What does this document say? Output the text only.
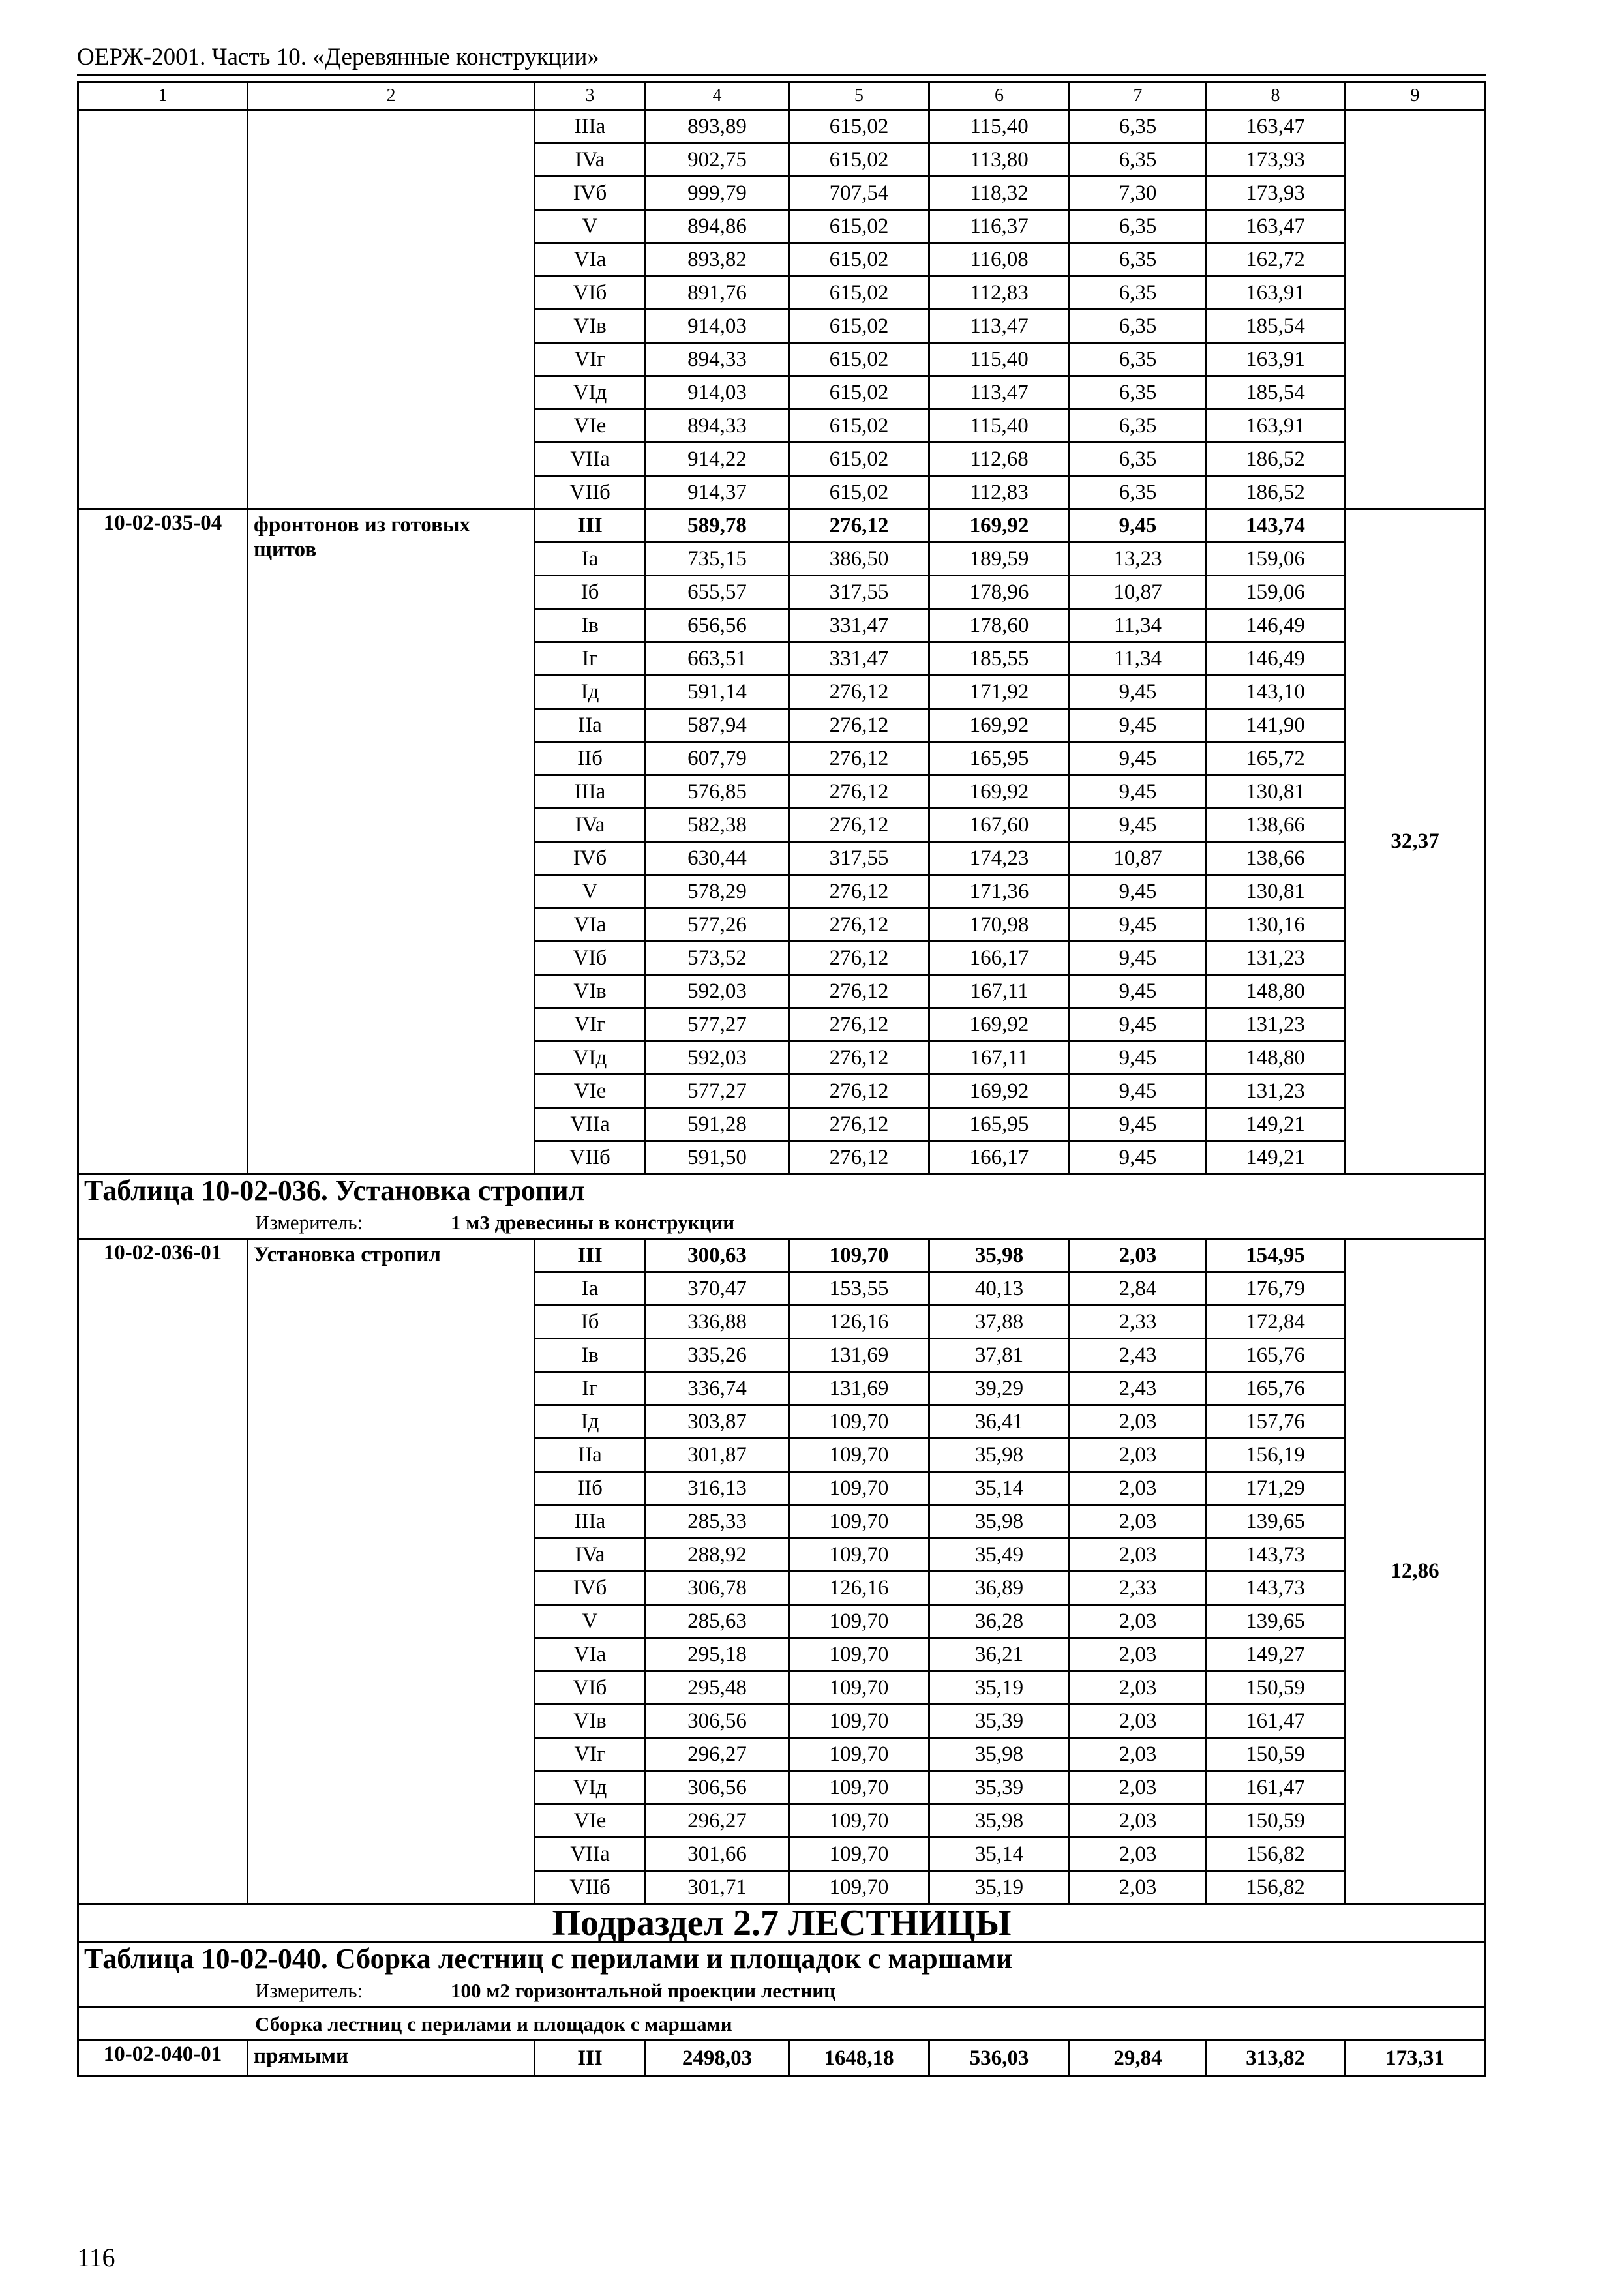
ОЕРЖ-2001. Часть 10. «Деревянные конструкции»
1	2	3	4	5	6	7	8	9
		IIIa	893,89	615,02	115,40	6,35	163,47	
		IVa	902,75	615,02	113,80	6,35	173,93	
		IVб	999,79	707,54	118,32	7,30	173,93	
		V	894,86	615,02	116,37	6,35	163,47	
		VIa	893,82	615,02	116,08	6,35	162,72	
		VIб	891,76	615,02	112,83	6,35	163,91	
		VIв	914,03	615,02	113,47	6,35	185,54	
		VIг	894,33	615,02	115,40	6,35	163,91	
		VIд	914,03	615,02	113,47	6,35	185,54	
		VIe	894,33	615,02	115,40	6,35	163,91	
		VIIa	914,22	615,02	112,68	6,35	186,52	
		VIIб	914,37	615,02	112,83	6,35	186,52	
10-02-035-04	фронтонов из готовых щитов	III	589,78	276,12	169,92	9,45	143,74	32,37
		Ia	735,15	386,50	189,59	13,23	159,06	
		Iб	655,57	317,55	178,96	10,87	159,06	
		Iв	656,56	331,47	178,60	11,34	146,49	
		Iг	663,51	331,47	185,55	11,34	146,49	
		Iд	591,14	276,12	171,92	9,45	143,10	
		IIa	587,94	276,12	169,92	9,45	141,90	
		IIб	607,79	276,12	165,95	9,45	165,72	
		IIIa	576,85	276,12	169,92	9,45	130,81	
		IVa	582,38	276,12	167,60	9,45	138,66	
		IVб	630,44	317,55	174,23	10,87	138,66	
		V	578,29	276,12	171,36	9,45	130,81	
		VIa	577,26	276,12	170,98	9,45	130,16	
		VIб	573,52	276,12	166,17	9,45	131,23	
		VIв	592,03	276,12	167,11	9,45	148,80	
		VIг	577,27	276,12	169,92	9,45	131,23	
		VIд	592,03	276,12	167,11	9,45	148,80	
		VIe	577,27	276,12	169,92	9,45	131,23	
		VIIa	591,28	276,12	165,95	9,45	149,21	
		VIIб	591,50	276,12	166,17	9,45	149,21	
Таблица 10-02-036. Установка стропил								
Измеритель: 1 м3 древесины в конструкции								
10-02-036-01	Установка стропил	III	300,63	109,70	35,98	2,03	154,95	12,86
		Ia	370,47	153,55	40,13	2,84	176,79	
		Iб	336,88	126,16	37,88	2,33	172,84	
		Iв	335,26	131,69	37,81	2,43	165,76	
		Iг	336,74	131,69	39,29	2,43	165,76	
		Iд	303,87	109,70	36,41	2,03	157,76	
		IIa	301,87	109,70	35,98	2,03	156,19	
		IIб	316,13	109,70	35,14	2,03	171,29	
		IIIa	285,33	109,70	35,98	2,03	139,65	
		IVa	288,92	109,70	35,49	2,03	143,73	
		IVб	306,78	126,16	36,89	2,33	143,73	
		V	285,63	109,70	36,28	2,03	139,65	
		VIa	295,18	109,70	36,21	2,03	149,27	
		VIб	295,48	109,70	35,19	2,03	150,59	
		VIв	306,56	109,70	35,39	2,03	161,47	
		VIг	296,27	109,70	35,98	2,03	150,59	
		VIд	306,56	109,70	35,39	2,03	161,47	
		VIe	296,27	109,70	35,98	2,03	150,59	
		VIIa	301,66	109,70	35,14	2,03	156,82	
		VIIб	301,71	109,70	35,19	2,03	156,82	
Подраздел 2.7 ЛЕСТНИЦЫ								
Таблица 10-02-040. Сборка лестниц с перилами и площадок с маршами								
Измеритель: 100 м2 горизонтальной проекции лестниц								
Сборка лестниц с перилами и площадок с маршами								
10-02-040-01	прямыми	III	2498,03	1648,18	536,03	29,84	313,82	173,31
116
